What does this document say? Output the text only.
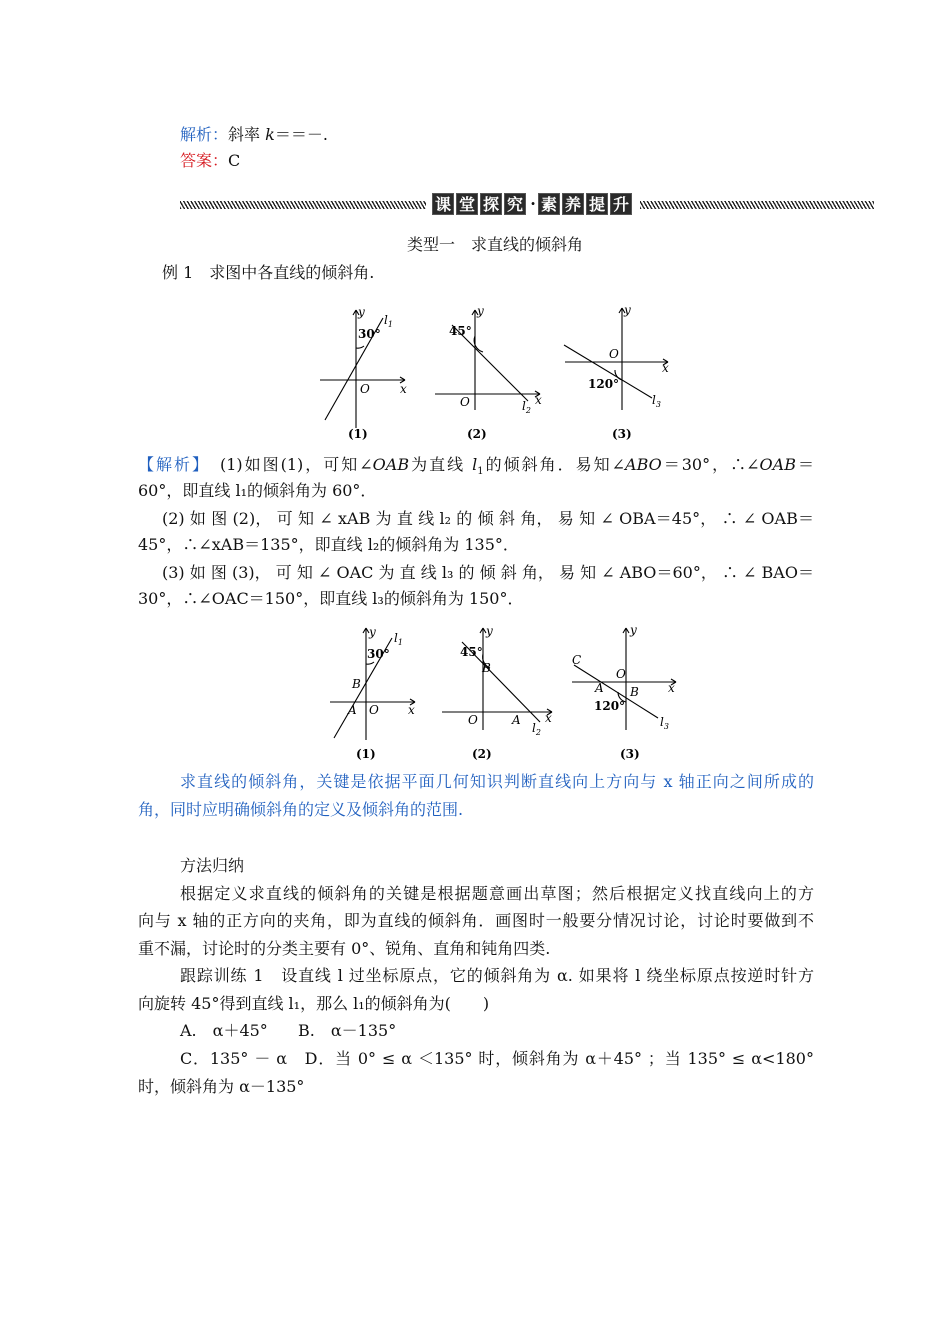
解析：斜率 k＝＝－.
答案：C
课 堂 探 究 · 素 养 提 升
类型一　求直线的倾斜角
例 1　求图中各直线的倾斜角.
y
$l_1$
30°
O	x
(1)
y
45°
O	x
$l_2$
(2)
y
O
x
120°
$l_3$
(3)
【解析】　(1)如图(1)，可知∠OAB为直线 $l_1$的倾斜角．易知∠ABO＝30°，∴∠OAB＝
60°，即直线 l₁的倾斜角为 60°．
(2) 如 图 (2)， 可 知 ∠ xAB 为 直 线 l₂ 的 倾 斜 角， 易 知 ∠ OBA＝45°， ∴ ∠ OAB＝
45°，∴∠xAB＝135°，即直线 l₂的倾斜角为 135°．
(3) 如 图 (3)， 可 知 ∠ OAC 为 直 线 l₃ 的 倾 斜 角， 易 知 ∠ ABO＝60°， ∴ ∠ BAO＝
30°，∴∠OAC＝150°，即直线 l₃的倾斜角为 150°．
y $l_1$
30°
B
A O x
(1)
y
45°
B
O	A x
$l_2$
(2)
y
C
O
A B x
120°
$l_3$
(3)
求直线的倾斜角，关键是依据平面几何知识判断直线向上方向与 x 轴正向之间所成的
角，同时应明确倾斜角的定义及倾斜角的范围.
方法归纳
根据定义求直线的倾斜角的关键是根据题意画出草图；然后根据定义找直线向上的方
向与 x 轴的正方向的夹角，即为直线的倾斜角．画图时一般要分情况讨论，讨论时要做到不
重不漏，讨论时的分类主要有 0°、锐角、直角和钝角四类.
跟踪训练 1　设直线 l 过坐标原点，它的倾斜角为 α. 如果将 l 绕坐标原点按逆时针方
向旋转 45°得到直线 l₁，那么 l₁的倾斜角为(　　)
A.　α＋45° B.　α－135°
C．135° － α　D．当 0° ≤ α ＜135° 时，倾斜角为 α＋45° ；当 135° ≤ α<180°
时，倾斜角为 α－135°
